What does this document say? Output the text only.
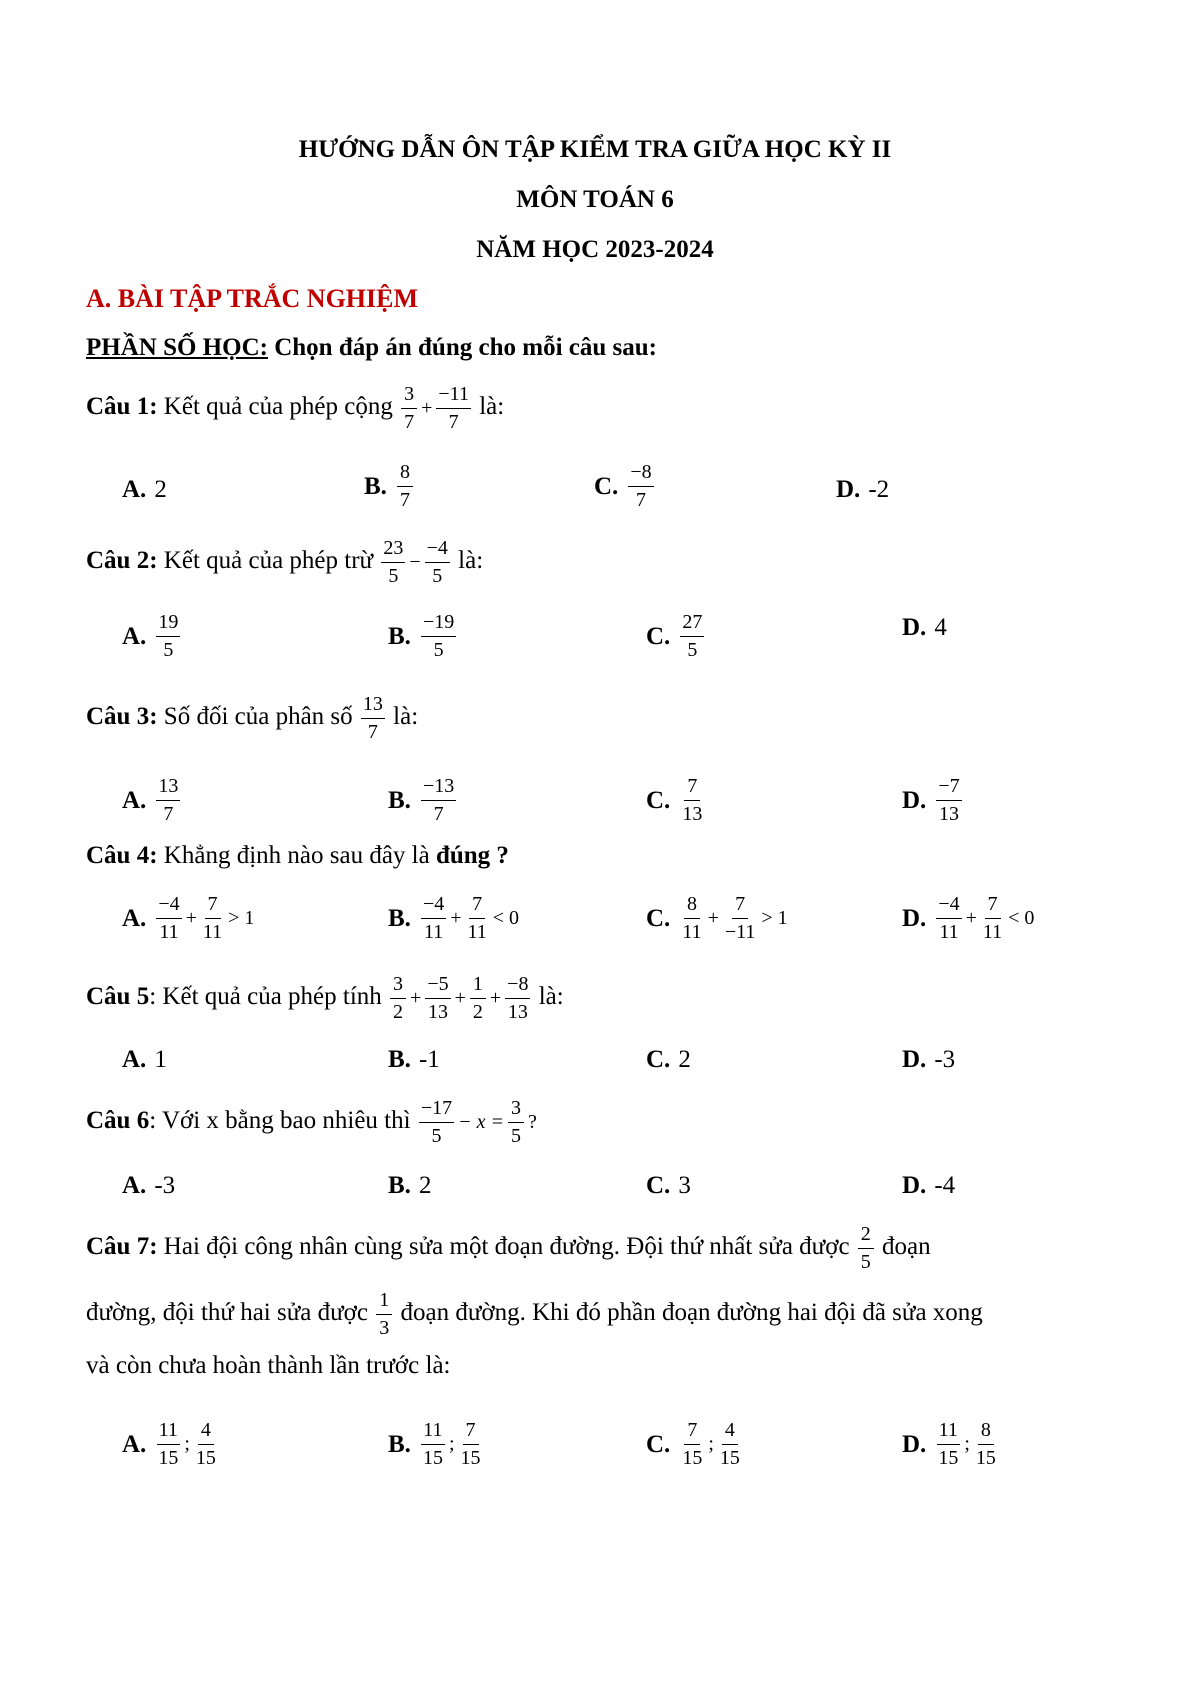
HƯỚNG DẪN ÔN TẬP KIỂM TRA GIỮA HỌC KỲ II
MÔN TOÁN 6
NĂM HỌC 2023-2024
A. BÀI TẬP TRẮC NGHIỆM
PHẦN SỐ HỌC: Chọn đáp án đúng cho mỗi câu sau:
Câu 1: Kết quả của phép cộng 3
7
+ $\frac{-11}{7}$ là:
A. 2	B.
8
7
C.
−8
7	D. -2
Câu 2: Kết quả của phép trừ 23
5
− $\frac{-4}{5}$ là:
A.
19
5
B.
−19
5
C.
27
5
D. 4
Câu 3: Số đối của phân số $\frac{13}{7}$ là:
A.
13
7
B.
−13
7
C.
7
13
D.
−7
13
Câu 4: Khẳng định nào sau đây là đúng ?
A.
−4
11
+ $\frac{7}{11} > 1$	B.
−4
11
+ $\frac{7}{11} < 0$	C.
8
11
+ $\frac{7}{-11} > 1$	D.
−4
11
+ $\frac{7}{11} < 0$
Câu 5: Kết quả của phép tính 3
2
+ $\frac{-5}{13} + \frac{1}{2} + \frac{-8}{13}$ là:
A. 1	B. -1	C. 2	D. -3
Câu 6: Với x bằng bao nhiêu thì −17
5
− $x = \frac{3}{5}$ ?
A. -3	B. 2	C. 3	D. -4
Câu 7: Hai đội công nhân cùng sửa một đoạn đường. Đội thứ nhất sửa được $\frac{2}{5}$ đoạn
đường, đội thứ hai sửa được $\frac{1}{3}$ đoạn đường. Khi đó phần đoạn đường hai đội đã sửa xong
và còn chưa hoàn thành lần trước là:
A.
11
15
;
4
15
B.
11
15
;
7
15
C.
7
15
;
4
15
D.
11
15
;
8
15
